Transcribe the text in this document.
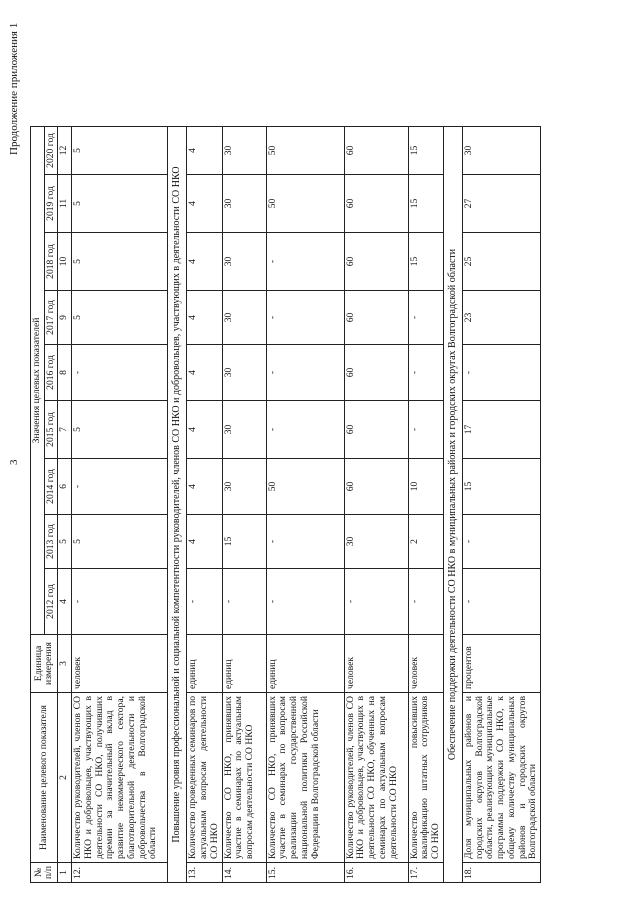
3
Продолжение приложения 1
№ п/п	Наименование целевого показателя	Единица измерения	Значения целевых показателей								
			2012 год	2013 год	2014 год	2015 год	2016 год	2017 год	2018 год	2019 год	2020 год
1	2	3	4	5	6	7	8	9	10	11	12
12.	Количество руководителей, членов СО НКО и добровольцев, участвующих в деятельности СО НКО, получивших премии за значительный вклад в развитие некоммерческого сектора, благотворительной деятельности и добровольчества в Волгоградской области	человек	-	5	-	5	-	5	5	5	5
Повышение уровня профессиональной и социальной компетентности руководителей, членов СО НКО и добровольцев, участвующих в деятельности СО НКО											
13.	Количество проведенных семинаров по актуальным вопросам деятельности СО НКО	единиц	-	4	4	4	4	4	4	4	4
14.	Количество СО НКО, принявших участие в семинарах по актуальным вопросам деятельности СО НКО	единиц	-	15	30	30	30	30	30	30	30
15.	Количество СО НКО, принявших участие в семинарах по вопросам реализации государственной национальной политики Российской Федерации в Волгоградской области	единиц	-	-	50	-	-	-	-	50	50
16.	Количество руководителей, членов СО НКО и добровольцев, участвующих в деятельности СО НКО, обученных на семинарах по актуальным вопросам деятельности СО НКО	человек	-	30	60	60	60	60	60	60	60
17.	Количество повысивших квалификацию штатных сотрудников СО НКО	человек	-	2	10	-	-	-	15	15	15
Обеспечение поддержки деятельности СО НКО в муниципальных районах и городских округах Волгоградской области											
18.	Доля муниципальных районов и городских округов Волгоградской области, реализующих муниципальные программы поддержки СО НКО, к общему количеству муниципальных районов и городских округов Волгоградской области	процентов	-	-	15	17	-	23	25	27	30
